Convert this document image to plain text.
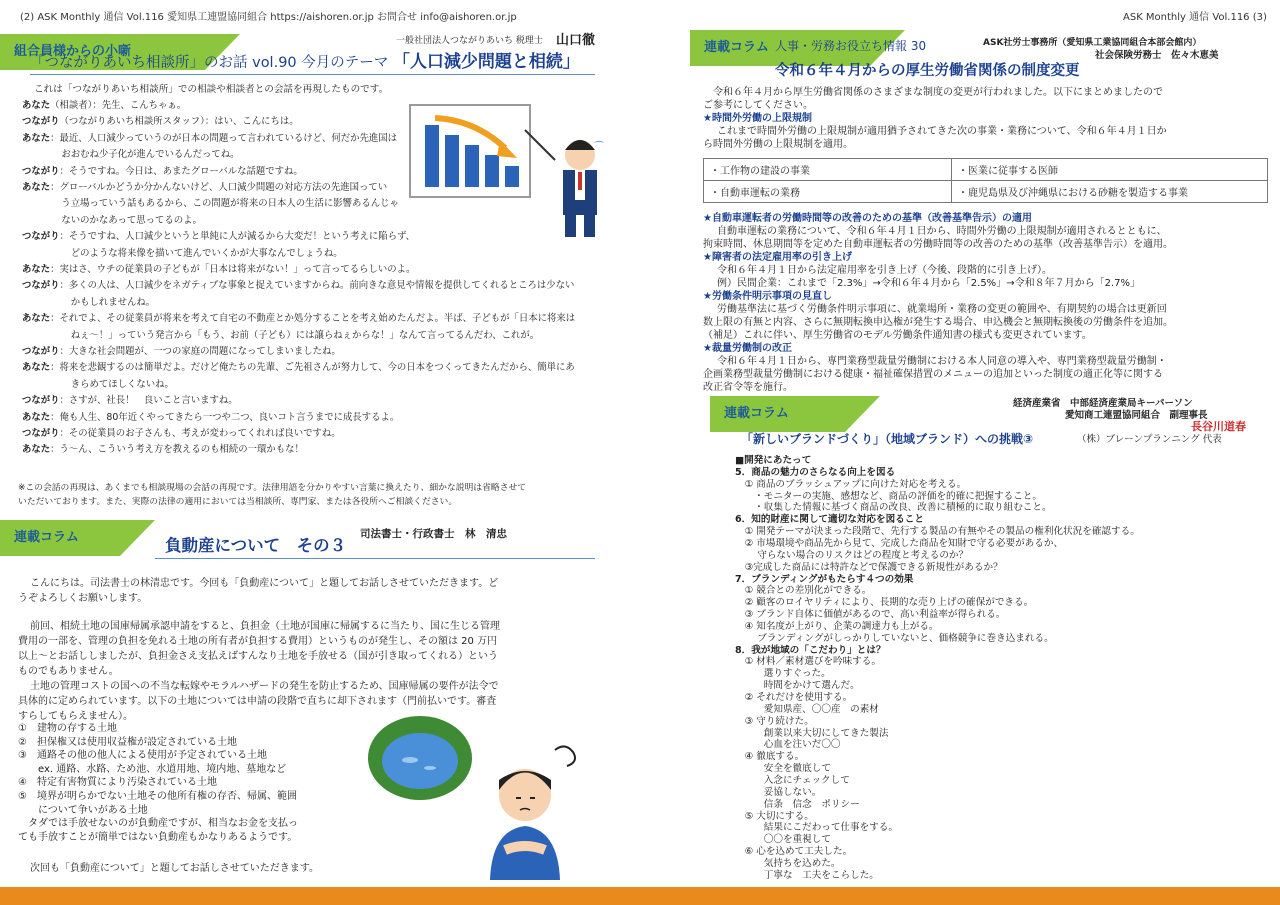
(2) ASK Monthly 通信 Vol.116 愛知県工連盟協同組合 https://aishoren.or.jp お問合せ info@aishoren.or.jp
組合員様からの小噺
一般社団法人つながりあいち 税理士 山口徹
「つながりあいち相談所」のお話 vol.90 今月のテーマ 「人口減少問題と相続」
これは「つながりあいち相談所」での相談や相談者との会話を再現したものです。
あなた（相談者）：先生、こんちゃぁ。
つながり（つながりあいち相談所スタッフ）：はい、こんにちは。
あなた：最近、人口減少っていうのが日本の問題って言われているけど、何だか先進国は
　おおむね少子化が進んでいるんだってね。
つながり：そうですね。今日は、あまたグローバルな話題ですね。
あなた：グローバルかどうか分かんないけど、人口減少問題の対応方法の先進国ってい
　う立場っていう話もあるから、この問題が将来の日本人の生活に影響あるんじゃ
　ないのかなあって思ってるのよ。
つながり：そうですね、人口減少というと単純に人が減るから大変だ！という考えに陥らず、
　　どのような将来像を描いて進んでいくかが大事なんでしょうね。
あなた：実はさ、ウチの従業員の子どもが「日本は将来がない！」って言ってるらしいのよ。
つながり：多くの人は、人口減少をネガティブな事象と捉えていますからね。前向きな意見や情報を提供してくれるところは少ない
　　かもしれませんね。
あなた：それでよ、その従業員が将来を考えて自宅の不動産とか処分することを考え始めたんだよ。半ば、子どもが「日本に将来は
　　ねぇ～！」っていう発言から「もう、お前（子ども）には譲らねぇからな！」なんて言ってるんだわ、これが。
つながり：大きな社会問題が、一つの家庭の問題になってしまいましたね。
あなた：将来を悲観するのは簡単だよ。だけど俺たちの先輩、ご先祖さんが努力して、今の日本をつくってきたんだから、簡単にあ
　　きらめてほしくないね。
つながり：さすが、社長！　良いこと言いますね。
あなた：俺も人生、80年近くやってきたら一つや二つ、良いコト言うまでに成長するよ。
つながり：その従業員のお子さんも、考えが変わってくれれば良いですね。
あなた：う～ん、こういう考え方を教えるのも相続の一環かもな！
⁀
※この会話の再現は、あくまでも相談現場の会話の再現です。法律用語を分かりやすい言葉に換えたり、細かな説明は省略させて
いただいております。また、実際の法律の適用においては当相談所、専門家、または各役所へご相談ください。
連載コラム	司法書士・行政書士　林　清忠
負動産について　その３
こんにちは。司法書士の林清忠です。今回も「負動産について」と題してお話しさせていただきます。ど
うぞよろしくお願いします。
前回、相続土地の国庫帰属承認申請をすると、負担金（土地が国庫に帰属するに当たり、国に生じる管理
費用の一部を、管理の負担を免れる土地の所有者が負担する費用）というものが発生し、その額は 20 万円
以上～とお話ししましたが、負担金さえ支払えばすんなり土地を手放せる（国が引き取ってくれる）という
ものでもありません。
土地の管理コストの国への不当な転嫁やモラルハザードの発生を防止するため、国庫帰属の要件が法令で
具体的に定められています。以下の土地については申請の段階で直ちに却下されます（門前払いです。審査
すらしてもらえません）。
①　建物の存する土地
②　担保権又は使用収益権が設定されている土地
③　通路その他の他人による使用が予定されている土地
　　ex. 通路、水路、ため池、水道用地、境内地、墓地など
④　特定有害物質により汚染されている土地
⑤　境界が明らかでない土地その他所有権の存否、帰属、範囲
　　について争いがある土地
　タダでは手放せないのが負動産ですが、相当なお金を支払っ
ても手放すことが簡単ではない負動産もかなりあるようです。
次回も「負動産について」と題してお話しさせていただきます。
ASK Monthly 通信 Vol.116 (3)
連載コラム 人事・労務お役立ち情報 30	ASK社労士事務所（愛知県工業協同組合本部会館内）
社会保険労務士　佐々木恵美
令和６年４月からの厚生労働省関係の制度変更
令和６年４月から厚生労働省関係のさまざまな制度の変更が行われました。以下にまとめましたので
ご参考にしてください。
★時間外労働の上限規制
これまで時間外労働の上限規制が適用猶予されてきた次の事業・業務について、令和６年４月１日か
ら時間外労働の上限規制を適用。
・工作物の建設の事業	・医業に従事する医師
・自動車運転の業務	・鹿児島県及び沖縄県における砂糖を製造する事業
★自動車運転者の労働時間等の改善のための基準（改善基準告示）の適用
自動車運転の業務について、令和６年４月１日から、時間外労働の上限規制が適用されるとともに、
拘束時間、休息期間等を定めた自動車運転者の労働時間等の改善のための基準（改善基準告示）を適用。
★障害者の法定雇用率の引き上げ
令和６年４月１日から法定雇用率を引き上げ（今後、段階的に引き上げ）。
例）民間企業：これまで「2.3%」→令和６年４月から「2.5%」→令和８年７月から「2.7%」
★労働条件明示事項の見直し
労働基準法に基づく労働条件明示事項に、就業場所・業務の変更の範囲や、有期契約の場合は更新回
数上限の有無と内容、さらに無期転換申込権が発生する場合、申込機会と無期転換後の労働条件を追加。
（補足）これに伴い、厚生労働省のモデル労働条件通知書の様式も変更されています。
★裁量労働制の改正
令和６年４月１日から、専門業務型裁量労働制における本人同意の導入や、専門業務型裁量労働制・
企画業務型裁量労働制における健康・福祉確保措置のメニューの追加といった制度の適正化等に関する
改正省令等を施行。
連載コラム
経済産業省　中部経済産業局キーパーソン
愛知商工連盟協同組合　副理事長
長谷川道春
「新しいブランドづくり」（地域ブランド）への挑戦③	（株）ブレーンプランニング 代表
■開発にあたって
5．商品の魅力のさらなる向上を図る
　① 商品のブラッシュアップに向けた対応を考える。
　　・モニターの実施、感想など、商品の評価を的確に把握すること。
　　・収集した情報に基づく商品の改良、改善に積極的に取り組むこと。
6．知的財産に関して適切な対応を図ること
　① 開発テーマが決まった段階で、先行する製品の有無やその製品の権利化状況を確認する。
　② 市場環境や商品先から見て、完成した商品を知財で守る必要があるか、
　　 守らない場合のリスクはどの程度と考えるのか？
　③完成した商品には特許などで保護できる新規性があるか？
7．ブランディングがもたらす４つの効果
　① 競合との差別化ができる。
　② 顧客のロイヤリティにより、長期的な売り上げの確保ができる。
　③ ブランド自体に価値があるので、高い利益率が得られる。
　④ 知名度が上がり、企業の調達力も上がる。
　　 ブランディングがしっかりしていないと、価格競争に巻き込まれる。
8．我が地域の「こだわり」とは？
　① 材料／素材選びを吟味する。
　　　選りすぐった。
　　　時間をかけて選んだ。
　② それだけを使用する。
　　　愛知県産、〇〇産　の素材
　③ 守り続けた。
　　　創業以来大切にしてきた製法
　　　心血を注いだ〇〇
　④ 徹底する。
　　　安全を徹底して
　　　入念にチェックして
　　　妥協しない。
　　　信条　信念　ポリシー
　⑤ 大切にする。
　　　結果にこだわって仕事をする。
　　　〇〇を重視して
　⑥ 心を込めて工夫した。
　　　気持ちを込めた。
　　　丁寧な　工夫をこらした。
